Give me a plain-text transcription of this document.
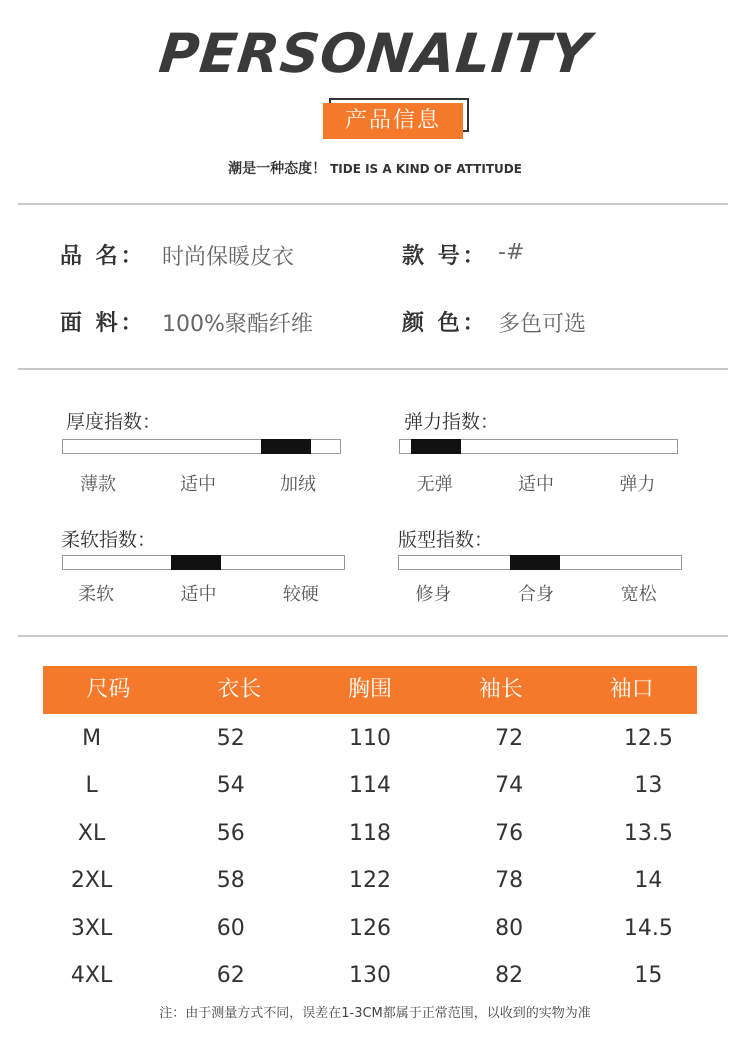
PERSONALITY
产品信息
潮是一种态度！ TIDE IS A KIND OF ATTITUDE
品 名： 时尚保暖皮衣	款 号： -#
面 料： 100%聚酯纤维	颜 色： 多色可选
厚度指数：
薄款	适中	加绒
弹力指数：
无弹	适中	弹力
柔软指数：
柔软	适中	较硬
版型指数：
修身	合身	宽松
尺码	衣长	胸围	袖长	袖口
M	52	110	72	12.5
L	54	114	74	13
XL	56	118	76	13.5
2XL	58	122	78	14
3XL	60	126	80	14.5
4XL	62	130	82	15
注：由于测量方式不同，误差在1-3CM都属于正常范围，以收到的实物为准
